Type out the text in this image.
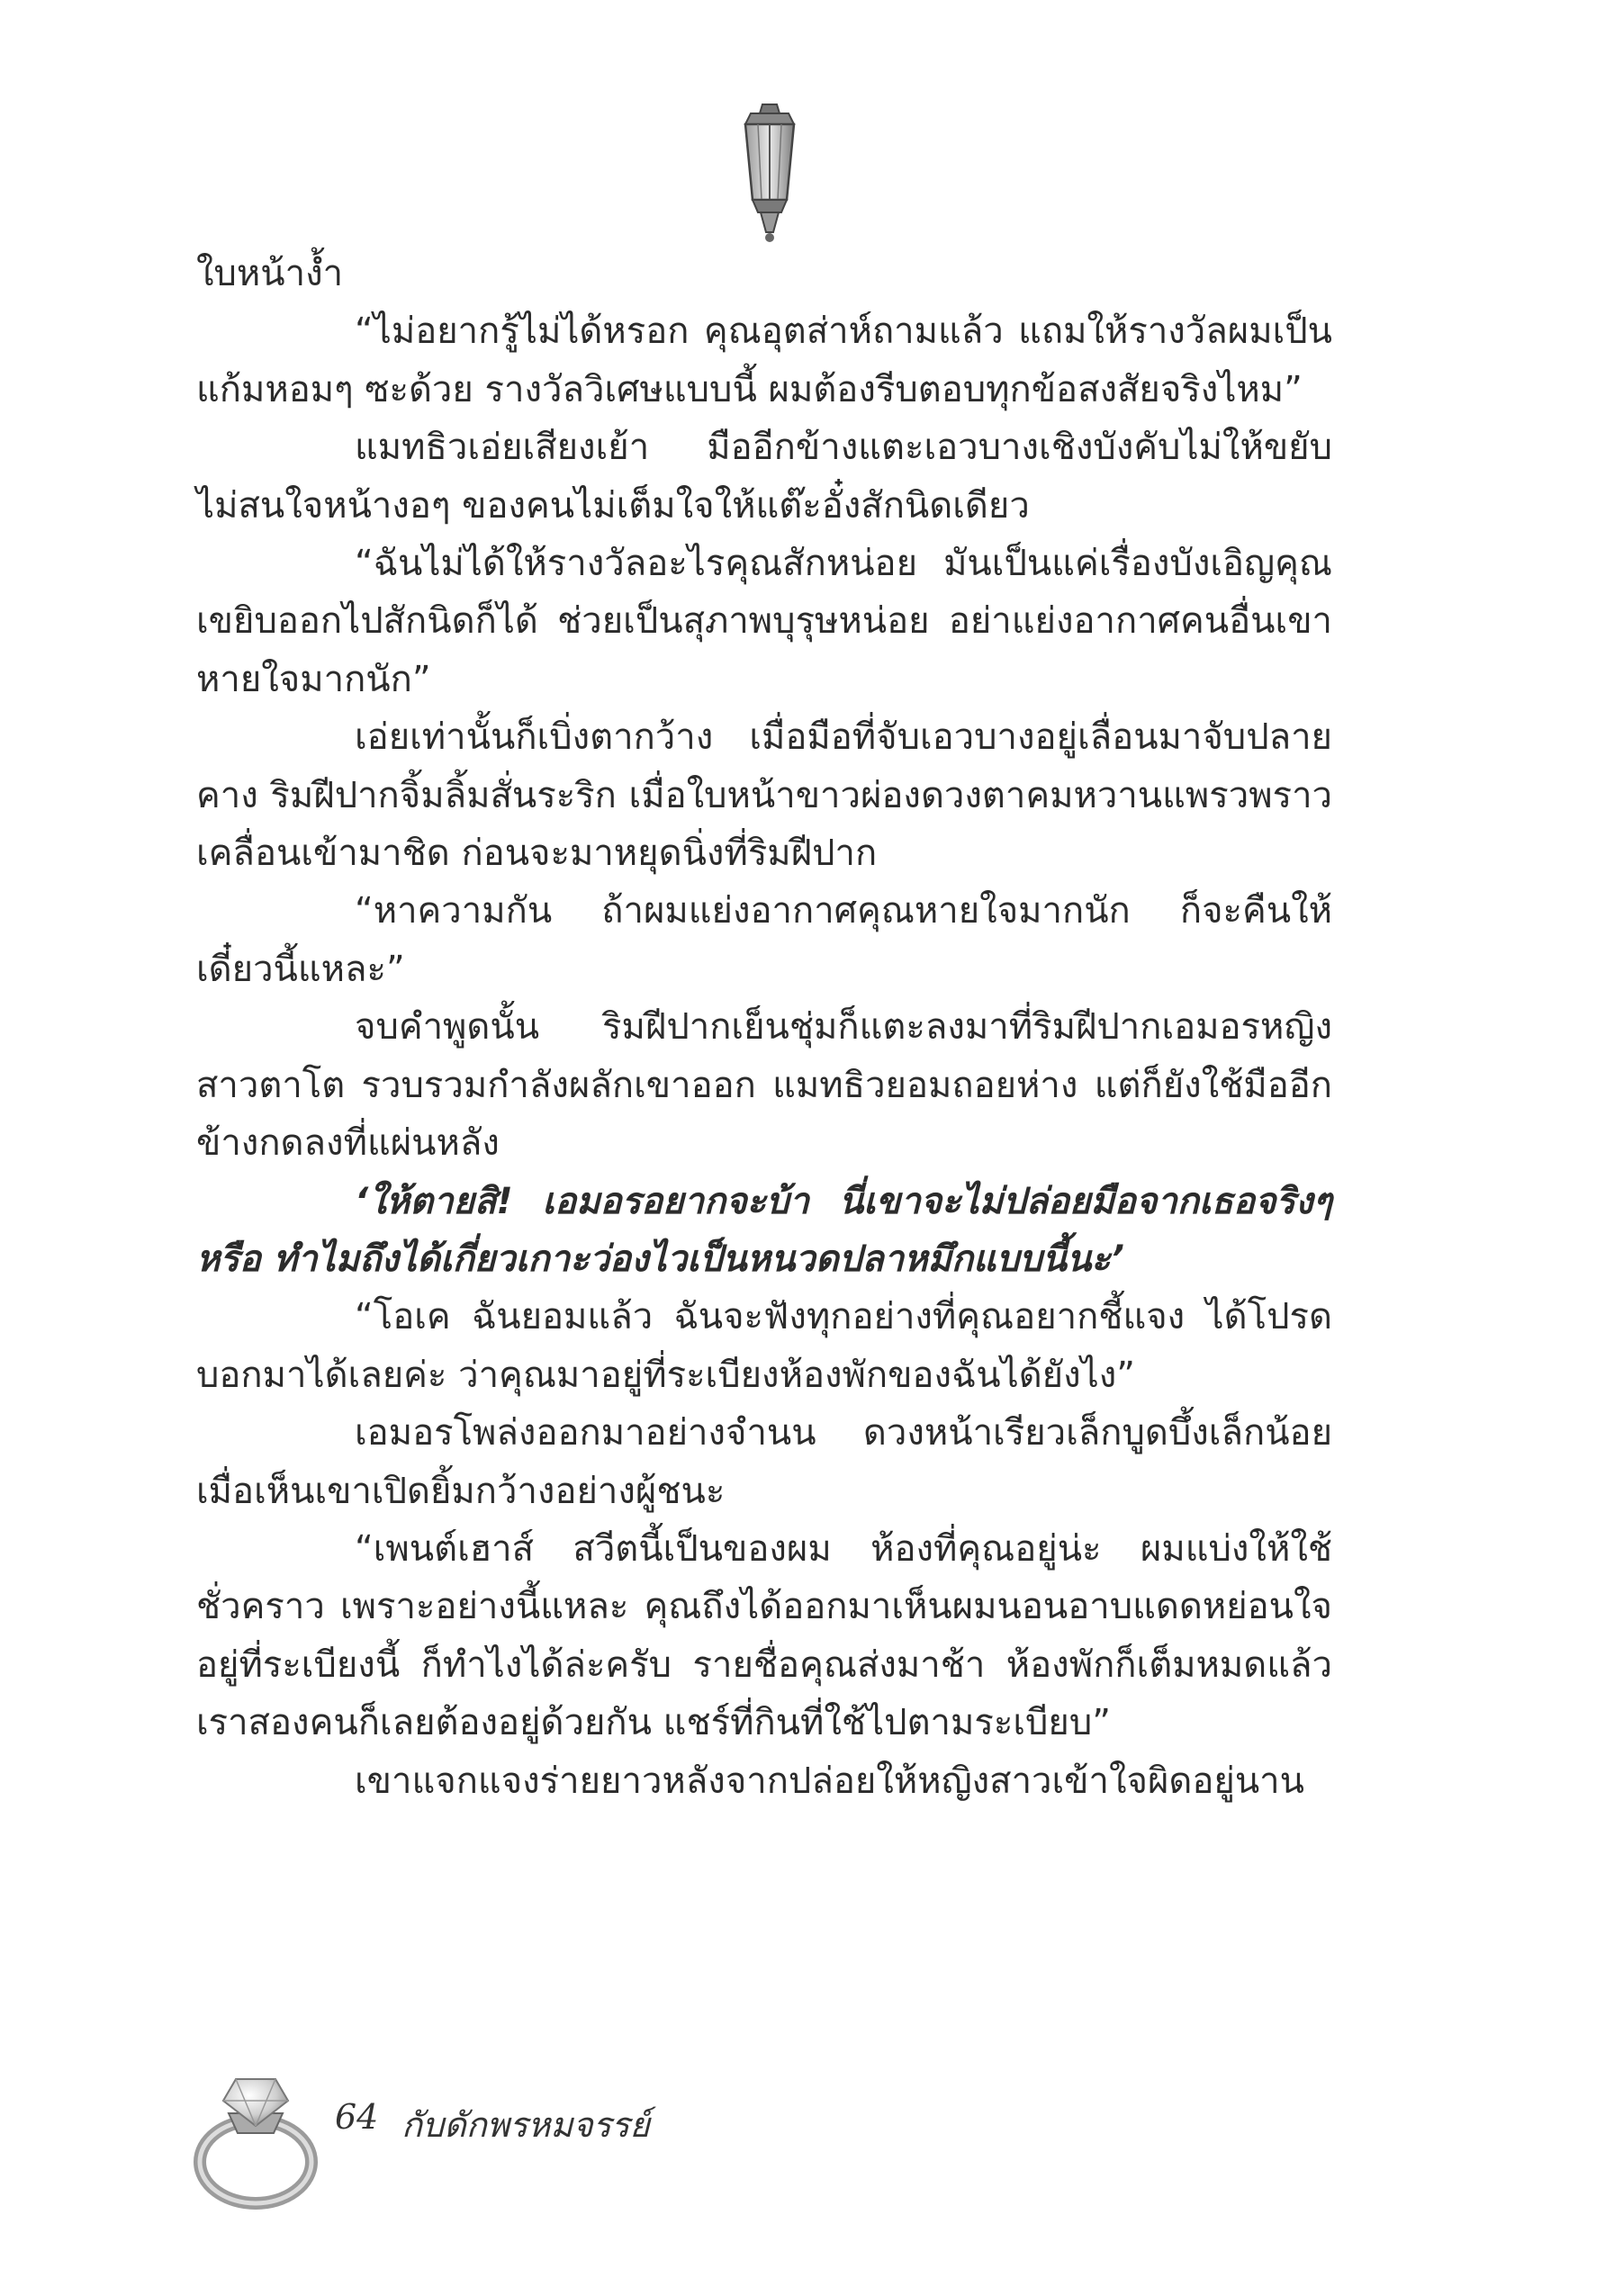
ใบหน้างํ้า

“ไม่อยากรู้ไม่ได้หรอก คุณอุตส่าห์ถามแล้ว แถมให้รางวัลผมเป็นแก้มหอมๆ ซะด้วย รางวัลวิเศษแบบนี้ ผมต้องรีบตอบทุกข้อสงสัยจริงไหม”

แมทธิวเอ่ยเสียงเย้า มืออีกข้างแตะเอวบางเชิงบังคับไม่ให้ขยับ ไม่สนใจหน้างอๆ ของคนไม่เต็มใจให้แต๊ะอั๋งสักนิดเดียว

“ฉันไม่ได้ให้รางวัลอะไรคุณสักหน่อย มันเป็นแค่เรื่องบังเอิญคุณเขยิบออกไปสักนิดก็ได้ ช่วยเป็นสุภาพบุรุษหน่อย อย่าแย่งอากาศคนอื่นเขาหายใจมากนัก”

เอ่ยเท่านั้นก็เบิ่งตากว้าง เมื่อมือที่จับเอวบางอยู่เลื่อนมาจับปลายคาง ริมฝีปากจิ้มลิ้มสั่นระริก เมื่อใบหน้าขาวผ่องดวงตาคมหวานแพรวพราวเคลื่อนเข้ามาชิด ก่อนจะมาหยุดนิ่งที่ริมฝีปาก

“หาความกัน ถ้าผมแย่งอากาศคุณหายใจมากนัก ก็จะคืนให้เดี๋ยวนี้แหละ”

จบคำพูดนั้น ริมฝีปากเย็นชุ่มก็แตะลงมาที่ริมฝีปากเอมอรหญิงสาวตาโต รวบรวมกำลังผลักเขาออก แมทธิวยอมถอยห่าง แต่ก็ยังใช้มืออีกข้างกดลงที่แผ่นหลัง

‘ให้ตายสิ! เอมอรอยากจะบ้า นี่เขาจะไม่ปล่อยมือจากเธอจริงๆ หรือ ทำไมถึงได้เกี่ยวเกาะว่องไวเป็นหนวดปลาหมึกแบบนี้นะ’

“โอเค ฉันยอมแล้ว ฉันจะฟังทุกอย่างที่คุณอยากชี้แจง ได้โปรดบอกมาได้เลยค่ะ ว่าคุณมาอยู่ที่ระเบียงห้องพักของฉันได้ยังไง”

เอมอรโพล่งออกมาอย่างจำนน ดวงหน้าเรียวเล็กบูดบึ้งเล็กน้อยเมื่อเห็นเขาเปิดยิ้มกว้างอย่างผู้ชนะ

“เพนต์เฮาส์ สวีตนี้เป็นของผม ห้องที่คุณอยู่น่ะ ผมแบ่งให้ใช้ชั่วคราว เพราะอย่างนี้แหละ คุณถึงได้ออกมาเห็นผมนอนอาบแดดหย่อนใจอยู่ที่ระเบียงนี้ ก็ทำไงได้ล่ะครับ รายชื่อคุณส่งมาช้า ห้องพักก็เต็มหมดแล้ว เราสองคนก็เลยต้องอยู่ด้วยกัน แชร์ที่กินที่ใช้ไปตามระเบียบ”

เขาแจกแจงร่ายยาวหลังจากปล่อยให้หญิงสาวเข้าใจผิดอยู่นาน

64 กับดักพรหมจรรย์
